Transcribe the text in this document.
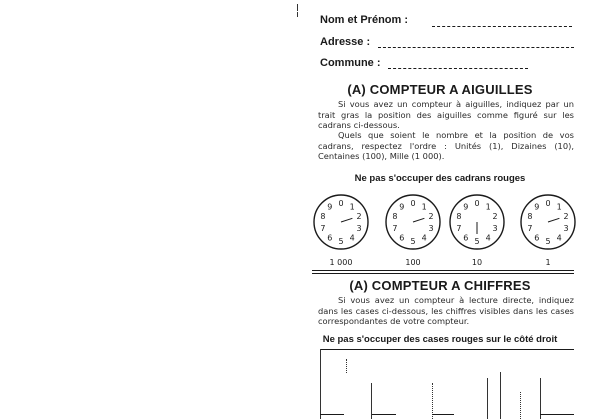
Nom et Prénom :
Adresse :
Commune :
(A) COMPTEUR A AIGUILLES
Si vous avez un compteur à aiguilles, indiquez par un trait gras la position des aiguilles comme figuré sur les cadrans ci-dessous.
Quels que soient le nombre et la position de vos cadrans, respectez l'ordre : Unités (1), Dizaines (10), Centaines (100), Mille (1 000).
Ne pas s'occuper des cadrans rouges
0 1
2
3
4
5
6
7
8
9	0 1
2
3
4
5
6
7
8
9	0 1
2
3
4
5
6
7
8
9	0 1
2
3
4
5
6
7
8
9
1 000	100	10	1
(A) COMPTEUR A CHIFFRES
Si vous avez un compteur à lecture directe, indiquez dans les cases ci-dessous, les chiffres visibles dans les cases correspondantes de votre compteur.
Ne pas s'occuper des cases rouges sur le côté droit
